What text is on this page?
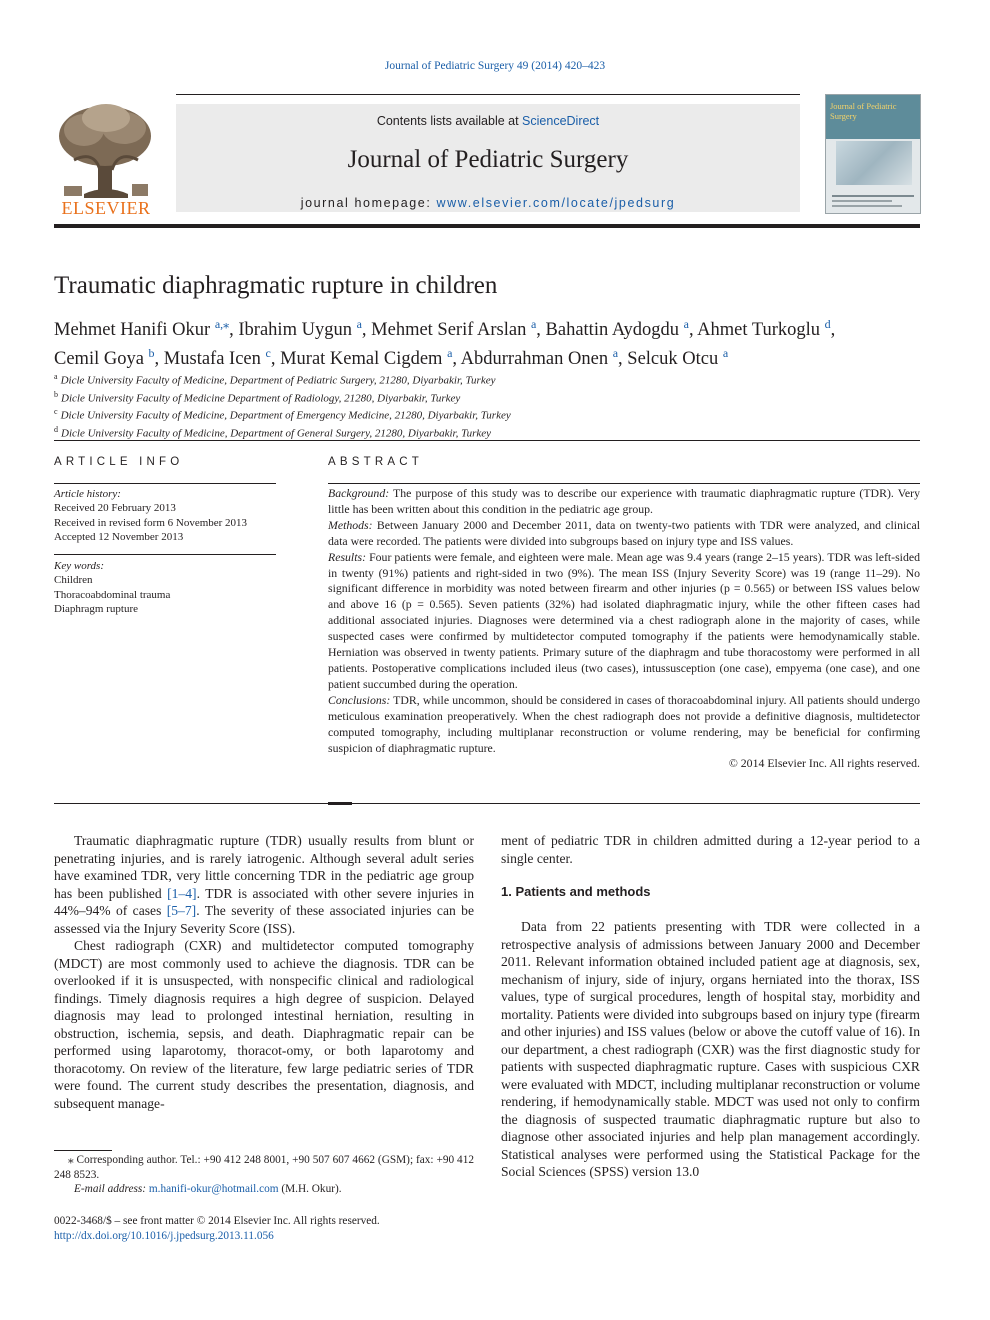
Journal of Pediatric Surgery 49 (2014) 420–423
ELSEVIER
Contents lists available at ScienceDirect
Journal of Pediatric Surgery
journal homepage: www.elsevier.com/locate/jpedsurg
Journal of Pediatric Surgery
Traumatic diaphragmatic rupture in children
Mehmet Hanifi Okur $^{a,⁎}$, Ibrahim Uygun $^a$, Mehmet Serif Arslan $^a$, Bahattin Aydogdu $^a$, Ahmet Turkoglu $^d$,
Cemil Goya $^b$, Mustafa Icen $^c$, Murat Kemal Cigdem $^a$, Abdurrahman Onen $^a$, Selcuk Otcu $^a$
$^a$ Dicle University Faculty of Medicine, Department of Pediatric Surgery, 21280, Diyarbakir, Turkey
$^b$ Dicle University Faculty of Medicine Department of Radiology, 21280, Diyarbakir, Turkey
$^c$ Dicle University Faculty of Medicine, Department of Emergency Medicine, 21280, Diyarbakir, Turkey
$^d$ Dicle University Faculty of Medicine, Department of General Surgery, 21280, Diyarbakir, Turkey
ARTICLE INFO	ABSTRACT
Article history:
Received 20 February 2013
Received in revised form 6 November 2013
Accepted 12 November 2013
Key words:
Children
Thoracoabdominal trauma
Diaphragm rupture

Background: The purpose of this study was to describe our experience with traumatic diaphragmatic rupture (TDR). Very little has been written about this condition in the pediatric age group.

Methods: Between January 2000 and December 2011, data on twenty-two patients with TDR were analyzed, and clinical data were recorded. The patients were divided into subgroups based on injury type and ISS values.

Results: Four patients were female, and eighteen were male. Mean age was 9.4 years (range 2–15 years). TDR was left-sided in twenty (91%) patients and right-sided in two (9%). The mean ISS (Injury Severity Score) was 19 (range 11–29). No significant difference in morbidity was noted between firearm and other injuries (p = 0.565) or between ISS values below and above 16 (p = 0.565). Seven patients (32%) had isolated diaphragmatic injury, while the other fifteen cases had additional associated injuries. Diagnoses were determined via a chest radiograph alone in the majority of cases, while suspected cases were confirmed by multidetector computed tomography if the patients were hemodynamically stable. Herniation was observed in twenty patients. Primary suture of the diaphragm and tube thoracostomy were performed in all patients. Postoperative complications included ileus (two cases), intussusception (one case), empyema (one case), and one patient succumbed during the operation.

Conclusions: TDR, while uncommon, should be considered in cases of thoracoabdominal injury. All patients should undergo meticulous examination preoperatively. When the chest radiograph does not provide a definitive diagnosis, multidetector computed tomography, including multiplanar reconstruction or volume rendering, may be beneficial for confirming suspicion of diaphragmatic rupture.

© 2014 Elsevier Inc. All rights reserved.

Traumatic diaphragmatic rupture (TDR) usually results from blunt or penetrating injuries, and is rarely iatrogenic. Although several adult series have examined TDR, very little concerning TDR in the pediatric age group has been published [1–4]. TDR is associated with other severe injuries in 44%–94% of cases [5–7]. The severity of these associated injuries can be assessed via the Injury Severity Score (ISS).

Chest radiograph (CXR) and multidetector computed tomography (MDCT) are most commonly used to achieve the diagnosis. TDR can be overlooked if it is unsuspected, with nonspecific clinical and radiological findings. Timely diagnosis requires a high degree of suspicion. Delayed diagnosis may lead to prolonged intestinal herniation, resulting in obstruction, ischemia, sepsis, and death. Diaphragmatic repair can be performed using laparotomy, thoracot-omy, or both laparotomy and thoracotomy. On review of the literature, few large pediatric series of TDR were found. The current study describes the presentation, diagnosis, and subsequent manage-

ment of pediatric TDR in children admitted during a 12-year period to a single center.

1. Patients and methods

Data from 22 patients presenting with TDR were collected in a retrospective analysis of admissions between January 2000 and December 2011. Relevant information obtained included patient age at diagnosis, sex, mechanism of injury, side of injury, organs herniated into the thorax, ISS values, type of surgical procedures, length of hospital stay, morbidity and mortality. Patients were divided into subgroups based on injury type (firearm and other injuries) and ISS values (below or above the cutoff value of 16). In our department, a chest radiograph (CXR) was the first diagnostic study for patients with suspected diaphragmatic rupture. Cases with suspicious CXR were evaluated with MDCT, including multiplanar reconstruction or volume rendering, if hemodynamically stable. MDCT was used not only to confirm the diagnosis of suspected traumatic diaphragmatic rupture but also to diagnose other associated injuries and help plan management accordingly. Statistical analyses were performed using the Statistical Package for the Social Sciences (SPSS) version 13.0

⁎ Corresponding author. Tel.: +90 412 248 8001, +90 507 607 4662 (GSM); fax: +90 412 248 8523.

E-mail address: m.hanifi-okur@hotmail.com (M.H. Okur).

0022-3468/$ – see front matter © 2014 Elsevier Inc. All rights reserved.

http://dx.doi.org/10.1016/j.jpedsurg.2013.11.056
